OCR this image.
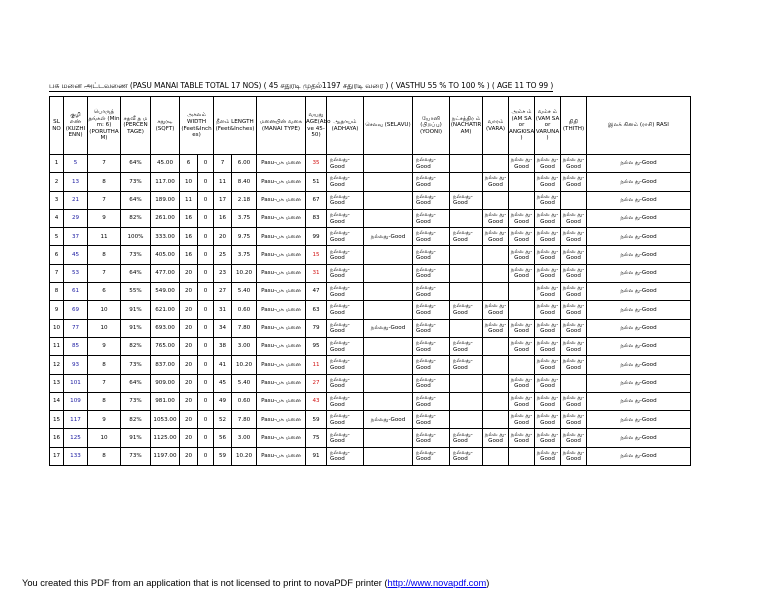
பசு மனை அட்டவணை (PASU MANAI TABLE TOTAL 17 NOS) ( 45 சதுரடி முதல்1197 சதுரடி வரை ) ( VASTHU 55 % TO 100 % ) ( AGE 11 TO 99 )
SL NO	குழி எண் (KUZHI ENN)	பொருத் தங்கள் (Min m: 6) (PORUTHA M)	சதவீ த ம (PERCEN TAGE)	சதுரடி (SQFT)	அகலம் WIDTH (Feet&Inch es)		நீளம் LENGTH (Feet&Inches)		மனையின் வகை (MANAI TYPE)	வயது AGE(Abo ve 45-50)	ஆதாயம் (ADHAYA)	செலவு (SELAVU)	யோனி (பிறப்பு) (YOONI)	நட்சத்திர ம் (NACHATIR AM)	வாரம் (VARA)	அம்ச ம் (AM SA or ANGKISA )	வம்ச ம் (VAM SA or VARUNA )	திதி (THITH)	இலக் கினம் (ராசி) RASI
1	5	7	64%	45.00	6	0	7	6.00	Pasu-பசு மனை	35	நல்லது-Good		நல்லது-Good			நல்ல து-Good	நல்ல து-Good	நல்ல து-Good	நல்ல து-Good
2	13	8	73%	117.00	10	0	11	8.40	Pasu-பசு மனை	51	நல்லது-Good		நல்லது-Good		நல்ல து-Good		நல்ல து-Good	நல்ல து-Good	நல்ல து-Good
3	21	7	64%	189.00	11	0	17	2.18	Pasu-பசு மனை	67	நல்லது-Good		நல்லது-Good	நல்லது-Good			நல்ல து-Good		நல்ல து-Good
4	29	9	82%	261.00	16	0	16	3.75	Pasu-பசு மனை	83	நல்லது-Good		நல்லது-Good		நல்ல து-Good	நல்ல து-Good	நல்ல து-Good	நல்ல து-Good	நல்ல து-Good
5	37	11	100%	333.00	16	0	20	9.75	Pasu-பசு மனை	99	நல்லது-Good	நல்லது-Good	நல்லது-Good	நல்லது-Good	நல்ல து-Good	நல்ல து-Good	நல்ல து-Good	நல்ல து-Good	நல்ல து-Good
6	45	8	73%	405.00	16	0	25	3.75	Pasu-பசு மனை	15	நல்லது-Good		நல்லது-Good			நல்ல து-Good	நல்ல து-Good	நல்ல து-Good	நல்ல து-Good
7	53	7	64%	477.00	20	0	23	10.20	Pasu-பசு மனை	31	நல்லது-Good		நல்லது-Good			நல்ல து-Good	நல்ல து-Good	நல்ல து-Good	நல்ல து-Good
8	61	6	55%	549.00	20	0	27	5.40	Pasu-பசு மனை	47	நல்லது-Good		நல்லது-Good				நல்ல து-Good	நல்ல து-Good	நல்ல து-Good
9	69	10	91%	621.00	20	0	31	0.60	Pasu-பசு மனை	63	நல்லது-Good		நல்லது-Good	நல்லது-Good	நல்ல து-Good		நல்ல து-Good	நல்ல து-Good	நல்ல து-Good
10	77	10	91%	693.00	20	0	34	7.80	Pasu-பசு மனை	79	நல்லது-Good	நல்லது-Good	நல்லது-Good		நல்ல து-Good	நல்ல து-Good	நல்ல து-Good	நல்ல து-Good	நல்ல து-Good
11	85	9	82%	765.00	20	0	38	3.00	Pasu-பசு மனை	95	நல்லது-Good		நல்லது-Good	நல்லது-Good		நல்ல து-Good	நல்ல து-Good	நல்ல து-Good	நல்ல து-Good
12	93	8	73%	837.00	20	0	41	10.20	Pasu-பசு மனை	11	நல்லது-Good		நல்லது-Good	நல்லது-Good			நல்ல து-Good	நல்ல து-Good	நல்ல து-Good
13	101	7	64%	909.00	20	0	45	5.40	Pasu-பசு மனை	27	நல்லது-Good		நல்லது-Good			நல்ல து-Good	நல்ல து-Good		நல்ல து-Good
14	109	8	73%	981.00	20	0	49	0.60	Pasu-பசு மனை	43	நல்லது-Good		நல்லது-Good			நல்ல து-Good	நல்ல து-Good	நல்ல து-Good	நல்ல து-Good
15	117	9	82%	1053.00	20	0	52	7.80	Pasu-பசு மனை	59	நல்லது-Good	நல்லது-Good	நல்லது-Good			நல்ல து-Good	நல்ல து-Good	நல்ல து-Good	நல்ல து-Good
16	125	10	91%	1125.00	20	0	56	3.00	Pasu-பசு மனை	75	நல்லது-Good		நல்லது-Good	நல்லது-Good	நல்ல து-Good	நல்ல து-Good	நல்ல து-Good	நல்ல து-Good	நல்ல து-Good
17	133	8	73%	1197.00	20	0	59	10.20	Pasu-பசு மனை	91	நல்லது-Good		நல்லது-Good	நல்லது-Good			நல்ல து-Good	நல்ல து-Good	நல்ல து-Good
You created this PDF from an application that is not licensed to print to novaPDF printer (http://www.novapdf.com)
